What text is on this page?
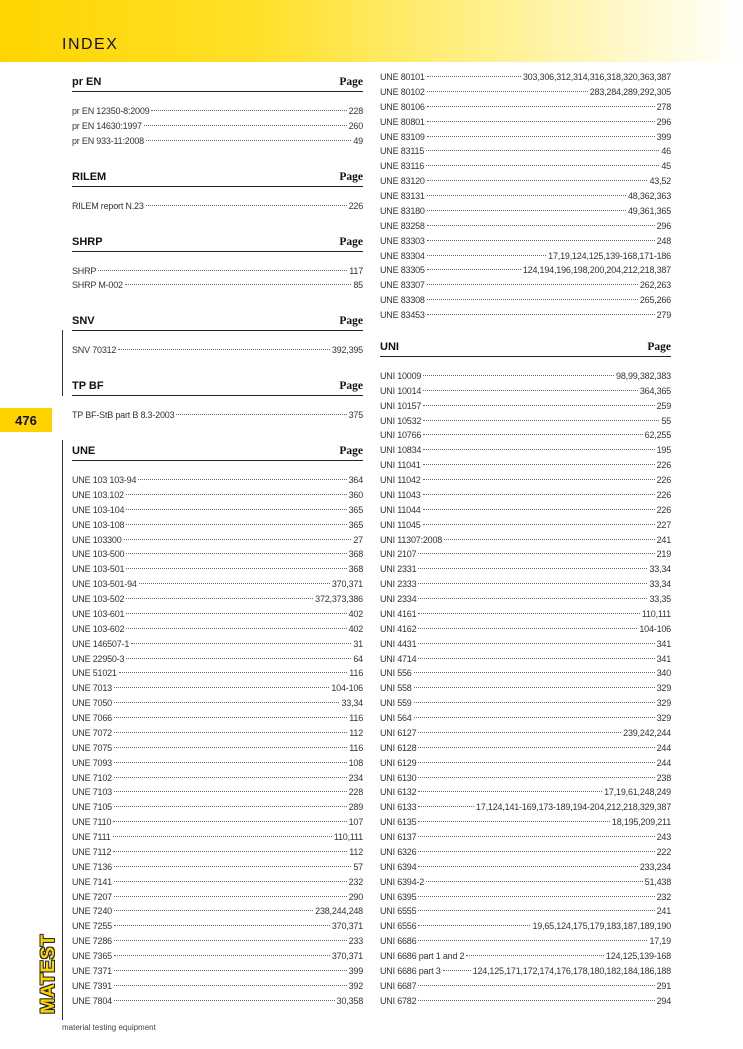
INDEX
476
pr EN	Page
pr EN 12350-8:2009	228
pr EN 14630:1997	260
pr EN 933-11:2008	49
RILEM	Page
RILEM report N.23	226
SHRP	Page
SHRP	117
SHRP M-002	85
SNV	Page
SNV 70312	392,395
TP BF	Page
TP BF-StB part B 8.3-2003	375
UNE	Page
UNE 103 103-94	364
UNE 103.102	360
UNE 103-104	365
UNE 103-108	365
UNE 103300	27
UNE 103-500	368
UNE 103-501	368
UNE 103-501-94	370,371
UNE 103-502	372,373,386
UNE 103-601	402
UNE 103-602	402
UNE 146507-1	31
UNE 22950-3	64
UNE 51021	116
UNE 7013	104-106
UNE 7050	33,34
UNE 7066	116
UNE 7072	112
UNE 7075	116
UNE 7093	108
UNE 7102	234
UNE 7103	228
UNE 7105	289
UNE 7110	107
UNE 7111	110,111
UNE 7112	112
UNE 7136	57
UNE 7141	232
UNE 7207	290
UNE 7240	238,244,248
UNE 7255	370,371
UNE 7286	233
UNE 7365	370,371
UNE 7371	399
UNE 7391	392
UNE 7804	30,358
UNE 80101	303,306,312,314,316,318,320,363,387
UNE 80102	283,284,289,292,305
UNE 80106	278
UNE 80801	296
UNE 83109	399
UNE 83115	46
UNE 83116	45
UNE 83120	43,52
UNE 83131	48,362,363
UNE 83180	49,361,365
UNE 83258	296
UNE 83303	248
UNE 83304	17,19,124,125,139-168,171-186
UNE 83305	124,194,196,198,200,204,212,218,387
UNE 83307	262,263
UNE 83308	265,266
UNE 83453	279
UNI	Page
UNI 10009	98,99,382,383
UNI 10014	364,365
UNI 10157	259
UNI 10532	55
UNI 10766	62,255
UNI 10834	195
UNI 11041	226
UNI 11042	226
UNI 11043	226
UNI 11044	226
UNI 11045	227
UNI 11307:2008	241
UNI 2107	219
UNI 2331	33,34
UNI 2333	33,34
UNI 2334	33,35
UNI 4161	110,111
UNI 4162	104-106
UNI 4431	341
UNI 4714	341
UNI 556	340
UNI 558	329
UNI 559	329
UNI 564	329
UNI 6127	239,242,244
UNI 6128	244
UNI 6129	244
UNI 6130	238
UNI 6132	17,19,61,248,249
UNI 6133	17,124,141-169,173-189,194-204,212,218,329,387
UNI 6135	18,195,209,211
UNI 6137	243
UNI 6326	222
UNI 6394	233,234
UNI 6394-2	51,438
UNI 6395	232
UNI 6555	241
UNI 6556	19,65,124,175,179,183,187,189,190
UNI 6686	17,19
UNI 6686 part 1 and 2	124,125,139-168
UNI 6686 part 3	124,125,171,172,174,176,178,180,182,184,186,188
UNI 6687	291
UNI 6782	294
MATEST
material testing equipment
